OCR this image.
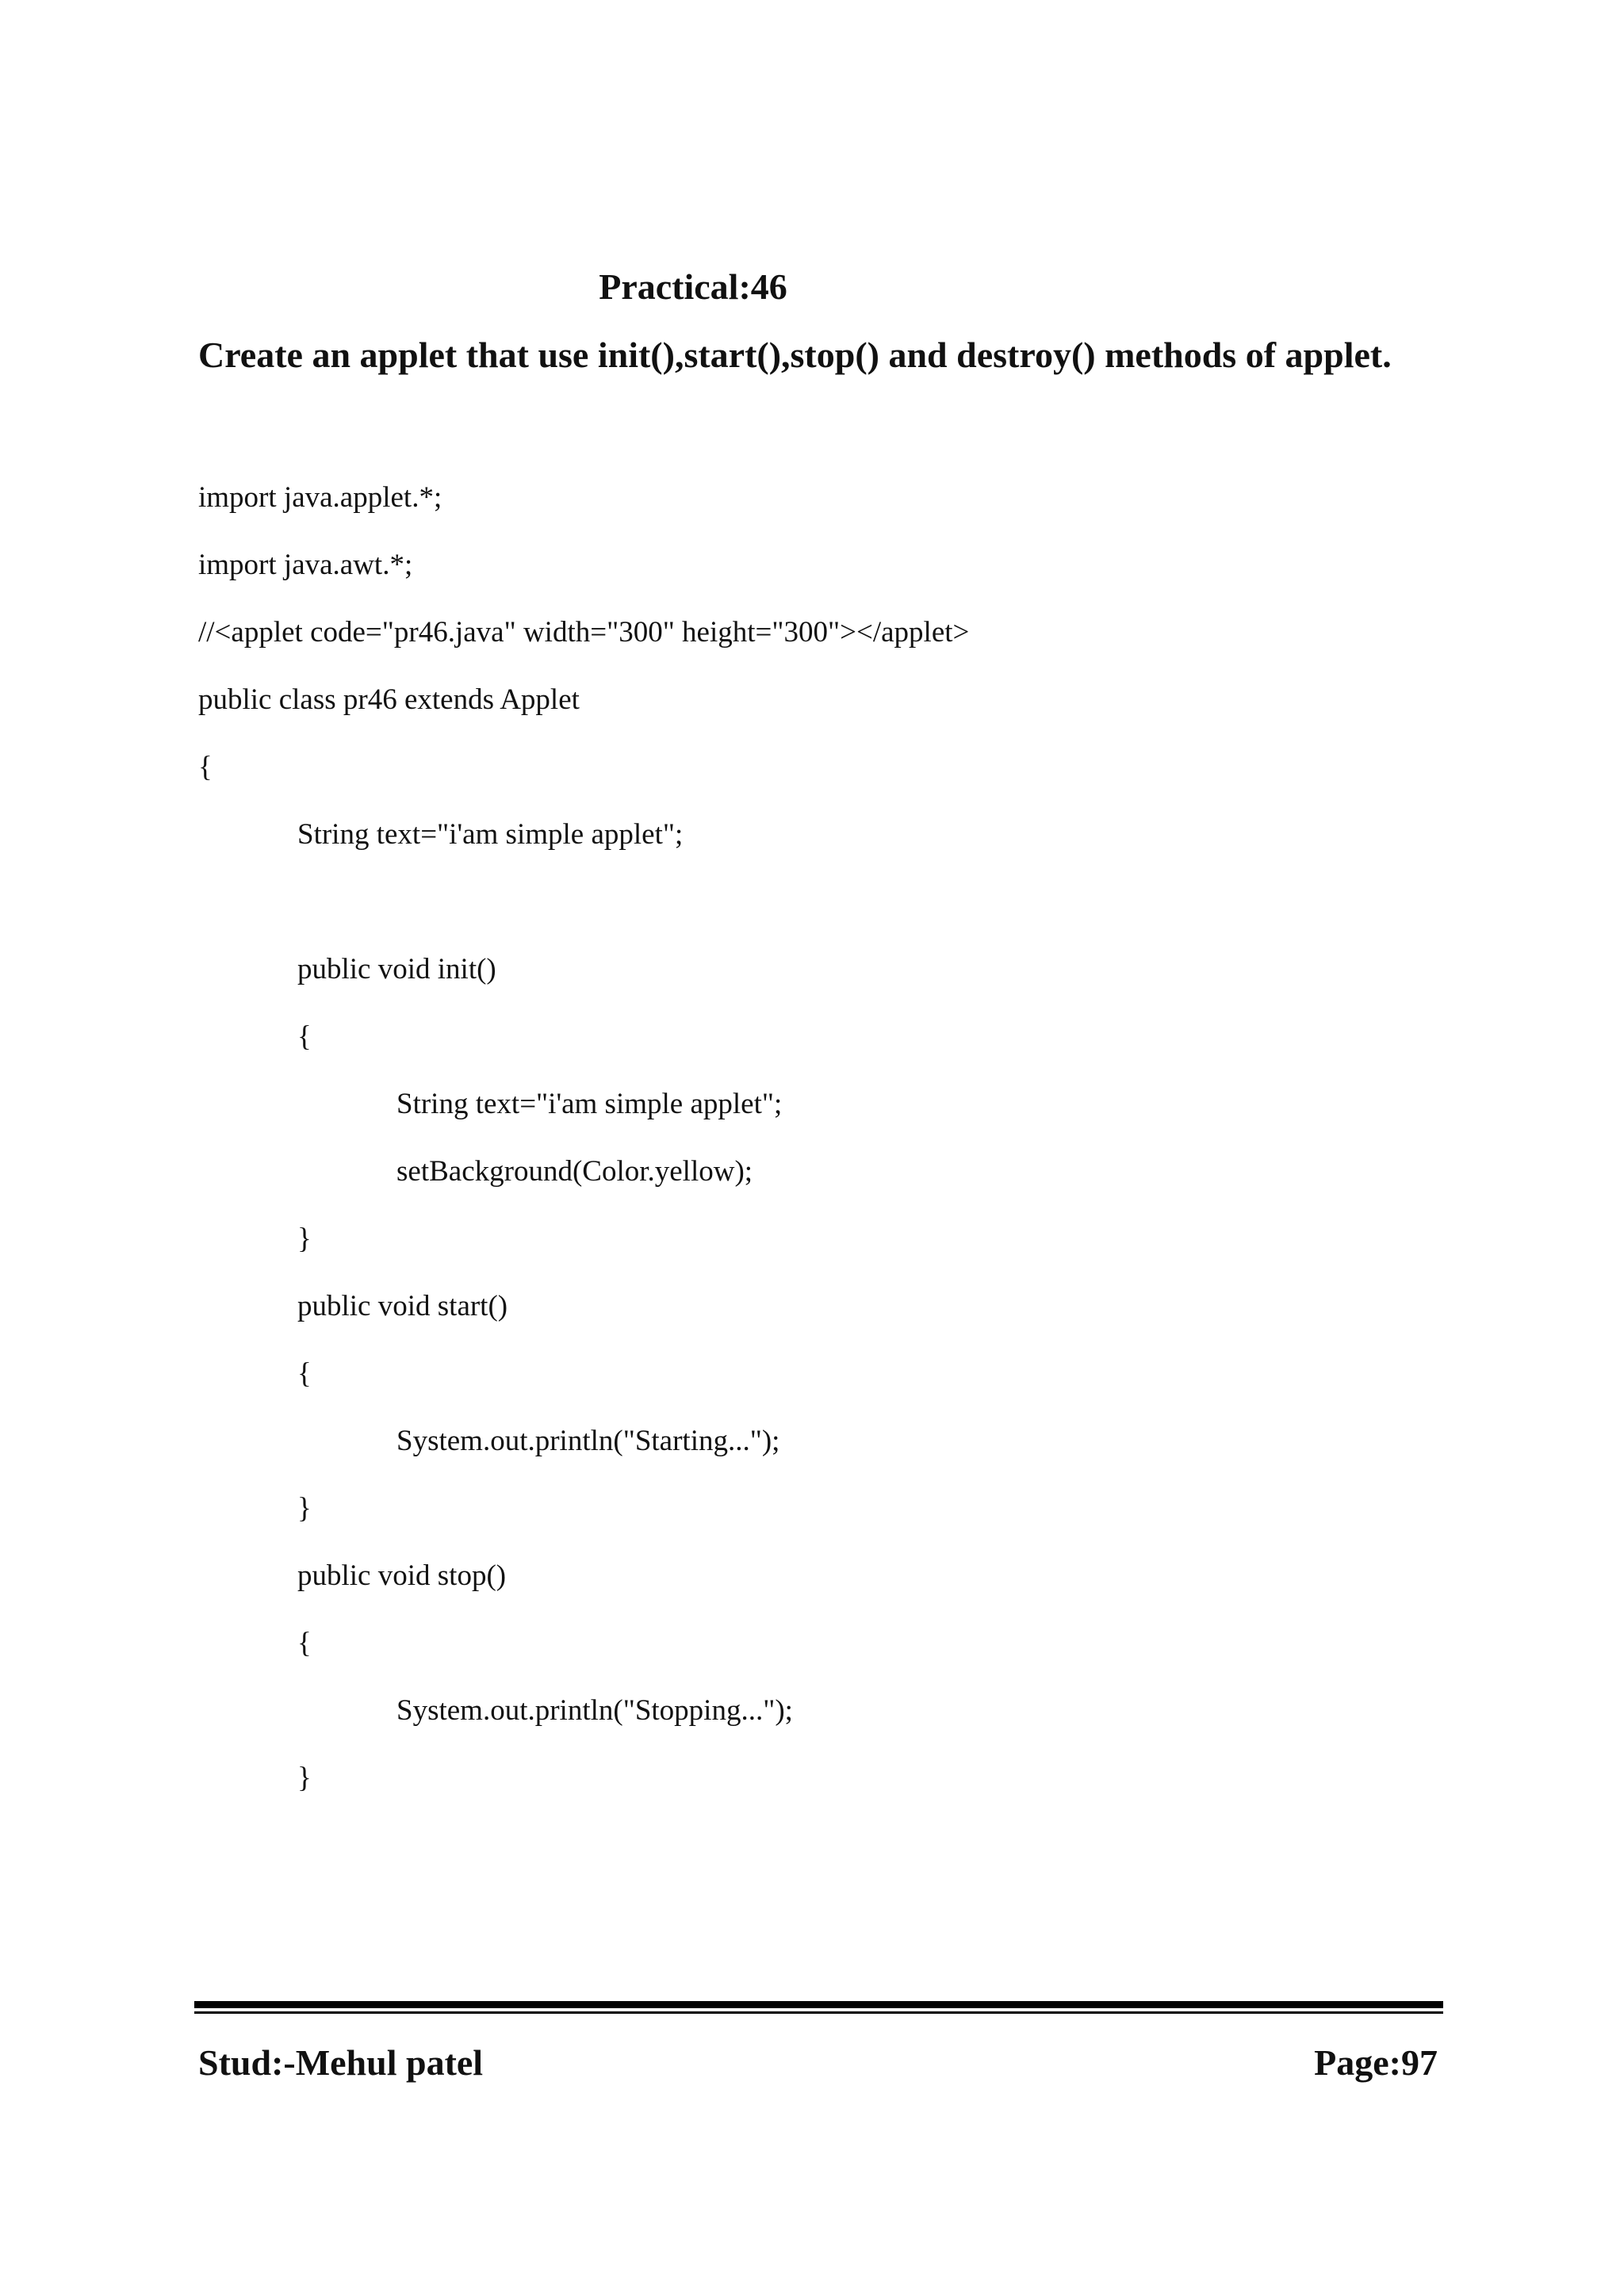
Practical:46
Create an applet that use init(),start(),stop() and destroy() methods of applet.
import java.applet.*;
import java.awt.*;
//<applet code="pr46.java" width="300" height="300"></applet>
public class pr46 extends Applet
{
String text="i'am simple applet";
public void init()
{
String text="i'am simple applet";
setBackground(Color.yellow);
}
public void start()
{
System.out.println("Starting...");
}
public void stop()
{
System.out.println("Stopping...");
}
Stud:-Mehul patel	Page:97
